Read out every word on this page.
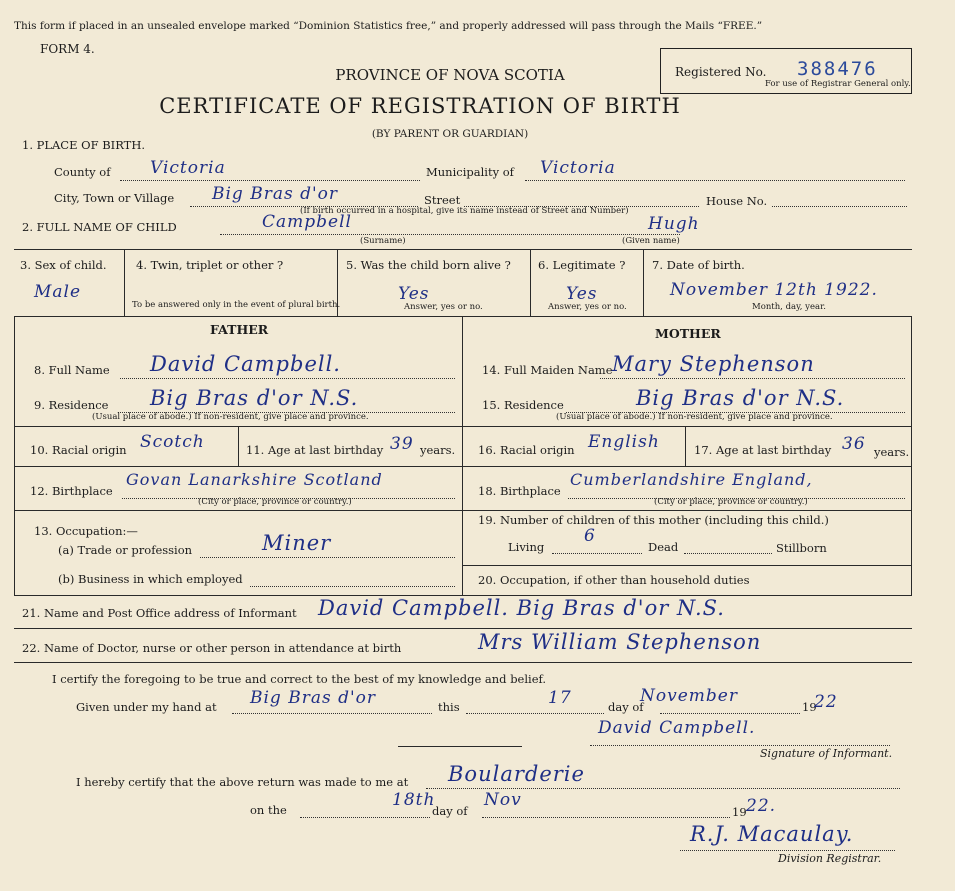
This form if placed in an unsealed envelope marked “Dominion Statistics free,” and properly addressed will pass through the Mails “FREE.”
FORM 4.
PROVINCE OF NOVA SCOTIA
CERTIFICATE OF REGISTRATION OF BIRTH
(BY PARENT OR GUARDIAN)
Registered No. 388476
For use of Registrar General only.
1. PLACE OF BIRTH.
County of Victoria	Municipality of Victoria
City, Town or Village Big Bras d'or	Street	House No.
(If birth occurred in a hospital, give its name instead of Street and Number)
2. FULL NAME OF CHILD	Campbell	Hugh
(Surname)	(Given name)
3. Sex of child.
Male
4. Twin, triplet or other ?
To be answered only in the event of plural birth.
5. Was the child born alive ?
Yes
Answer, yes or no.
6. Legitimate ?
Yes
Answer, yes or no.
7. Date of birth.
November 12th 1922.
Month, day, year.
FATHER	MOTHER
8. Full Name David Campbell.
9. Residence Big Bras d'or N.S.
(Usual place of abode.) If non-resident, give place and province.
10. Racial origin Scotch	11. Age at last birthday 39 years.
12. Birthplace
Govan Lanarkshire Scotland
(City or place, province or country.)
13. Occupation:—
(a) Trade or profession	Miner
(b) Business in which employed
14. Full Maiden Name Mary Stephenson
15. Residence	Big Bras d'or N.S.
(Usual place of abode.) If non-resident, give place and province.
16. Racial origin English	17. Age at last birthday 36 years.
18. Birthplace
Cumberlandshire England,
(City or place, province or country.)
19. Number of children of this mother (including this child.)
Living
6
Dead	Stillborn
20. Occupation, if other than household duties
21. Name and Post Office address of Informant David Campbell. Big Bras d'or N.S.
22. Name of Doctor, nurse or other person in attendance at birth	Mrs William Stephenson
I certify the foregoing to be true and correct to the best of my knowledge and belief.
Given under my hand at Big Bras d'or	this	17	day of
November
19
22
David Campbell.
Signature of Informant.
I hereby certify that the above return was made to me at Boularderie
on the	18th
day of
Nov
19 22.
R.J. Macaulay.
Division Registrar.
